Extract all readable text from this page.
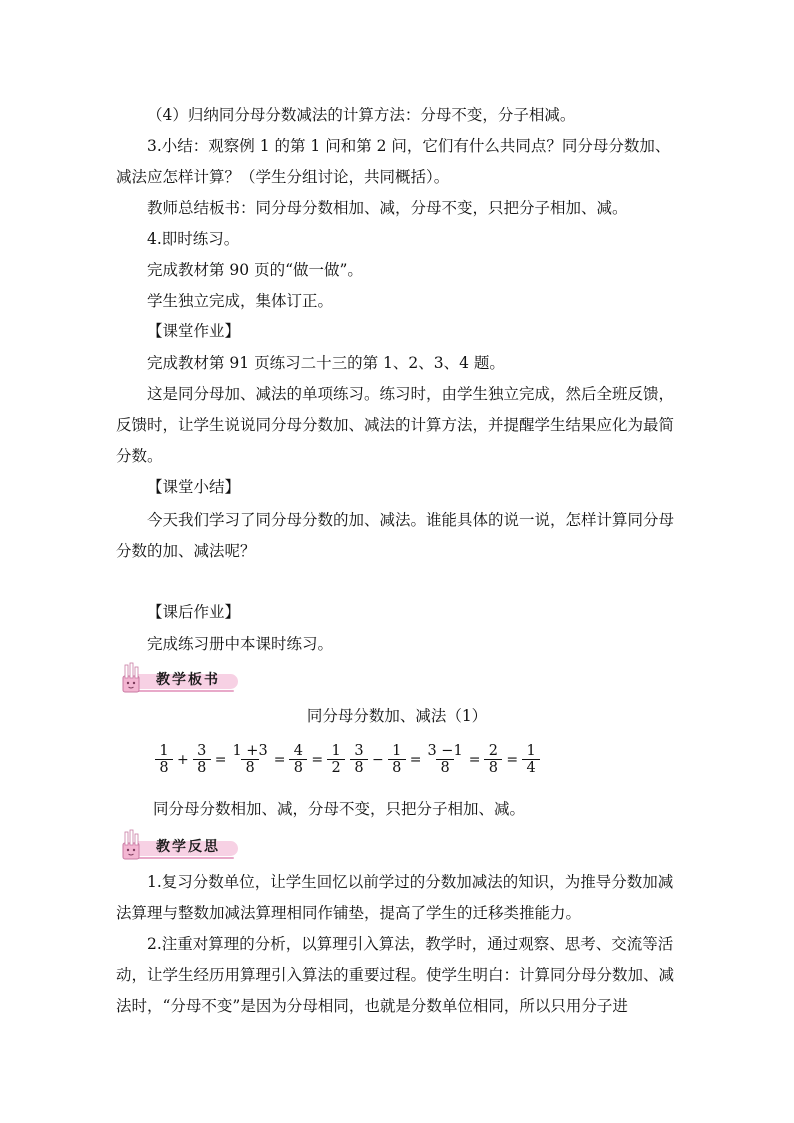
（4）归纳同分母分数减法的计算方法：分母不变，分子相减。

3.小结：观察例 1 的第 1 问和第 2 问，它们有什么共同点？同分母分数加、减法应怎样计算？（学生分组讨论，共同概括）。

教师总结板书：同分母分数相加、减，分母不变，只把分子相加、减。

4.即时练习。

完成教材第 90 页的“做一做”。

学生独立完成，集体订正。

【课堂作业】

完成教材第 91 页练习二十三的第 1、2、3、4 题。

这是同分母加、减法的单项练习。练习时，由学生独立完成，然后全班反馈，反馈时，让学生说说同分母分数加、减法的计算方法，并提醒学生结果应化为最简分数。

【课堂小结】

今天我们学习了同分母分数的加、减法。谁能具体的说一说，怎样计算同分母分数的加、减法呢？

【课后作业】

完成练习册中本课时练习。

教学板书
同分母分数加、减法（1）
$\frac{1}{8} + \frac{3}{8} = \frac{1 +3}{8} = \frac{4}{8} = \frac{1}{2} \frac{3}{8} - \frac{1}{8} = \frac{3 -1}{8} = \frac{2}{8} = \frac{1}{4}$
同分母分数相加、减，分母不变，只把分子相加、减。
教学反思

1.复习分数单位，让学生回忆以前学过的分数加减法的知识，为推导分数加减法算理与整数加减法算理相同作铺垫，提高了学生的迁移类推能力。

2.注重对算理的分析，以算理引入算法，教学时，通过观察、思考、交流等活动，让学生经历用算理引入算法的重要过程。使学生明白：计算同分母分数加、减法时，“分母不变”是因为分母相同，也就是分数单位相同，所以只用分子进
